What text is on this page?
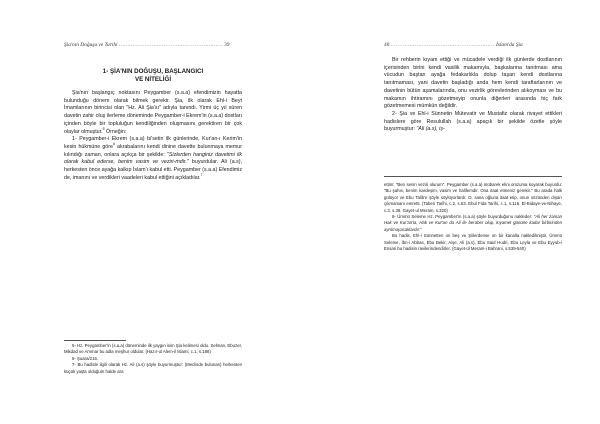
Şia'nın Doğuşu ve Tarihi …………………………………………………… 39
1- ŞİA'NIN DOĞUŞU, BAŞLANGICI
VE NİTELİĞİ

Şia'nın başlangıç noktasını Peygamber (s.a.a) efendimizin hayatta bulunduğu dönem olarak bilmek gerekir. Şia, ilk olarak Ehl-i Beyt İmamlarının birincisi olan "Hz. Ali Şia'sı" adıyla tanındı. Yirmi üç yıl süren davetin zahir oluş ilerleme döneminde Peygamber-i Ekrem'in (s.a.a) dostları içinden böyle bir topluluğun kendiliğinden oluşmasını gerektiren bir çok olaylar olmuştur.$^5$ Örneğin:

1- Peygamber-i Ekrem (s.a.a) bi'setin ilk günlerinde, Kur'an-ı Kerim'in kesin hükmüne göre$^6$ akrabalarını kendi dinine davette bulunmaya memur kılındığı zaman, onlara açıkça bir şekilde: "Sizlerden hanginiz davetimi ilk olarak kabul ederse, benim vasim ve veziri-mdir." buyurdular. Ali (a.s), herkesten önce ayağa kalkıp İslam'ı kabul etti. Peygamber (s.a.a) Efendimiz de, imanını ve verdikleri vaadeleri kabul ettiğini açıkladılar.$^7$

5- Hz. Peygamber'in (s.a.a) döneminde ilk yaygın isim Şia kelimesi oldu. Selman, Ebuzer, Mikdad ve Ammar bu adla meşhur oldular. (Hazır-ul Alem-il İslami, c.1, s.188)

6- Şuara/215.

7- Bu hadisle ilgili olarak Hz. Ali (a.s) şöyle buyurmuştur: (Meclisde bulunan) herkesten küçük yaşta olduğum halde ara

40 …………………………………………………… İslam'da Şia

Bir rehberin kıyam ettiği ve mücadele verdiği ilk günlerde dostlarının içerisinden birini kendi vasilik makamıyla, başkalarına tanıtması ama vücudun baştan ayağa fedakarlıkla dolup taşan kendi dostlarına tanıtmaması, yani davetin başladığı anda hem kendi taraftarlarının ve davetinin bütün aşamalarında, onu vezirlik görevlerinden alıkoyması ve bu makamın ihtiramını gözetmeyip onunla diğerleri arasında hiç fark gözetmemesi mümkün değildir.

2- Şia ve Ehl-i Sünnetin Mütevatir ve Mustafiz olarak rivayet ettikleri hadislere göre Resulullah (s.a.a) apaçık bir şekilde özetle şöyle buyurmuştur: "Ali (a.s), iş-

ettim: "Ben senin veziri olurum". Peygamber (s.a.a) mübarek elini omzuma koyarak buyurdu: "Bu şahıs, benim kardeşim, vasim ve halifemdir. Ona itaat etmeniz gerekir." Bu arada halk gülüyor ve Ebu Talib'e şöyle söylüyorlardı: O, sana oğluna itaat etip, onun sözünden dışarı çıkmamanı emretti. (Taberi Tarihi, c.2, s.63. Ebul Fida Tarihi, c.1, s.116. El-Bidaye-ve-Nihaye, c.3, s.39. Gayet-ul Meram, s.320)

8- Ümmü Seleme Hz. Peygamber'in (s.a.a) şöyle buyurduğunu nakleder: "Ali her zaman Hak ve Kur'an'la, Hak ve Kur'an da Ali ile beraber olup, kıyamet gününe kadar birbirinden ayrılmayacaklardır."

Bu hadis, Ehl-i Sünnetten on beş ve Şiilerdense on bir kanalla nakledilmiştir. Ümmü Seleme, İbn-i Abbas, Ebu Bekir, Aişe, Ali (a.s), Ebu Said Hudri, Ebu Leyla ve Ebu Eyyub-i Ensari bu hadisin ravilerindendirler. (Gayet-ül Meram-i Bahrani, s.539-540)
